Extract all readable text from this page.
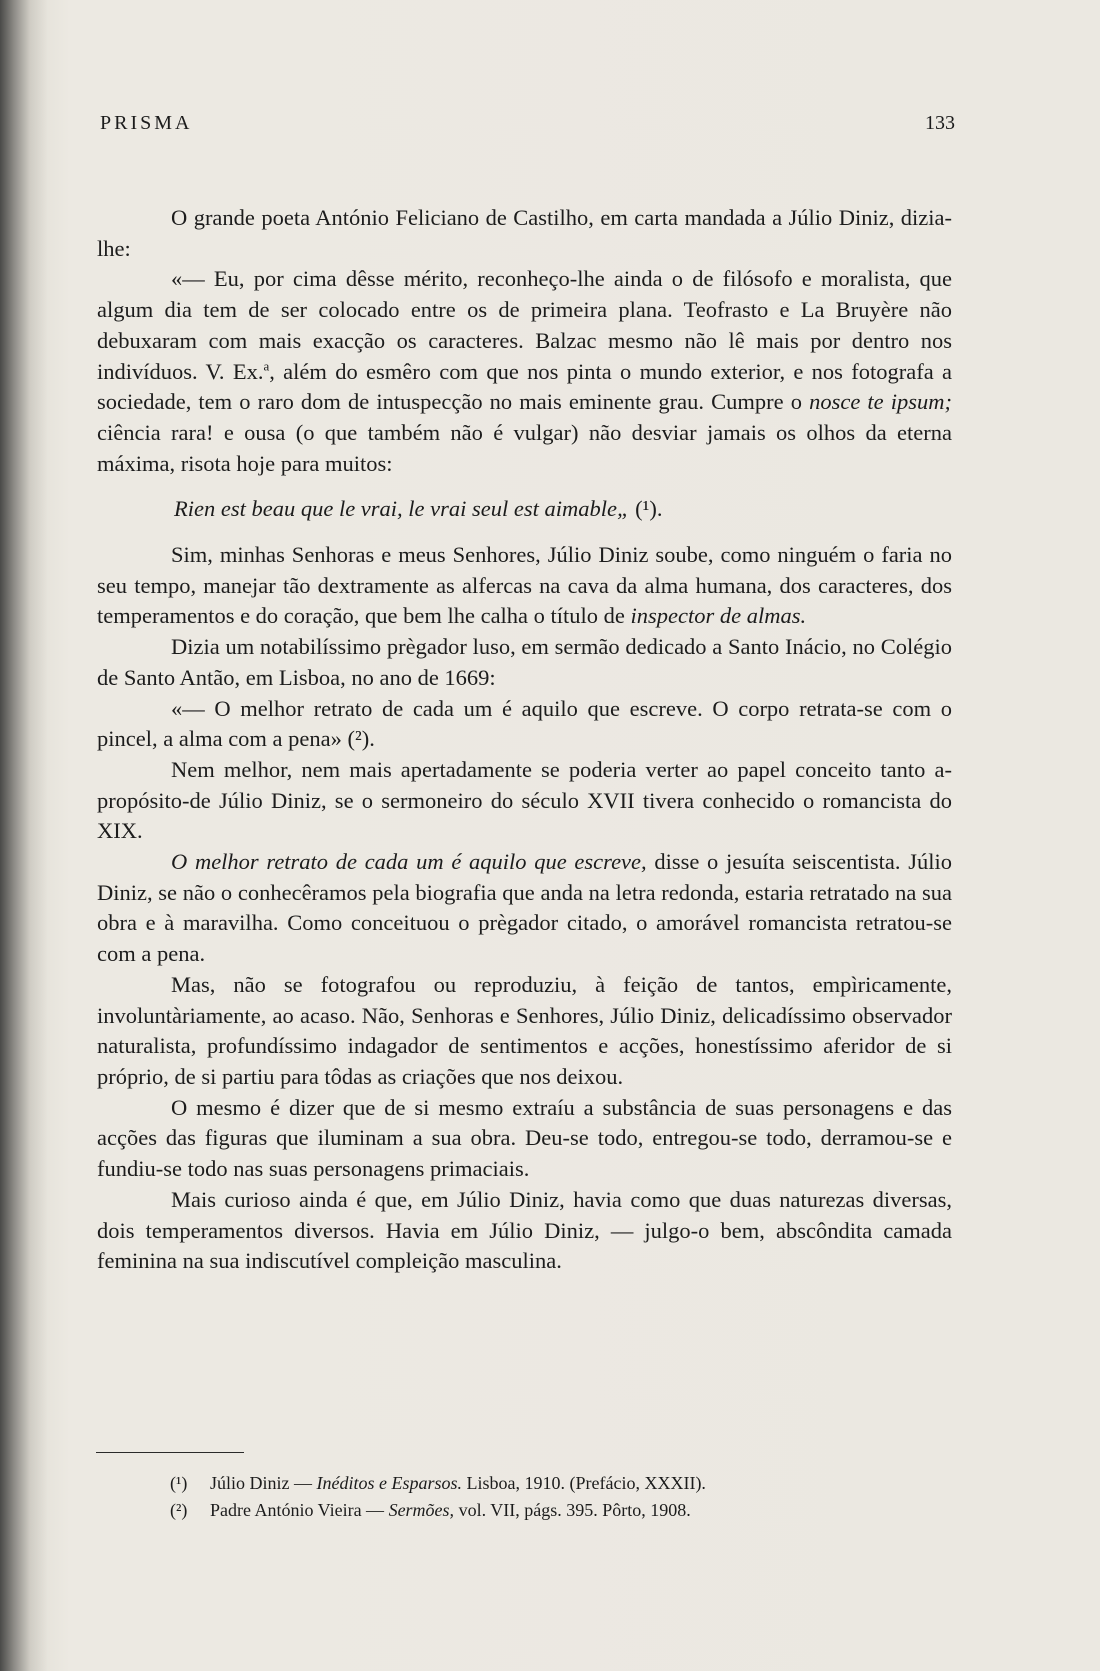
PRISMA	133

O grande poeta António Feliciano de Castilho, em carta mandada a Júlio Diniz, dizia-lhe:

«— Eu, por cima dêsse mérito, reconheço-lhe ainda o de filósofo e moralista, que algum dia tem de ser colocado entre os de primeira plana. Teofrasto e La Bruyère não debuxaram com mais exacção os caracteres. Balzac mesmo não lê mais por dentro nos indivíduos. V. Ex.$^a$, além do esmêro com que nos pinta o mundo exterior, e nos fotografa a sociedade, tem o raro dom de intuspecção no mais eminente grau. Cumpre o nosce te ipsum; ciência rara! e ousa (o que também não é vulgar) não desviar jamais os olhos da eterna máxima, risota hoje para muitos:

Rien est beau que le vrai, le vrai seul est aimable„ (¹).

Sim, minhas Senhoras e meus Senhores, Júlio Diniz soube, como ninguém o faria no seu tempo, manejar tão dextramente as alfercas na cava da alma humana, dos caracteres, dos temperamentos e do coração, que bem lhe calha o título de inspector de almas.

Dizia um notabilíssimo prègador luso, em sermão dedicado a Santo Inácio, no Colégio de Santo Antão, em Lisboa, no ano de 1669:

«— O melhor retrato de cada um é aquilo que escreve. O corpo retrata-se com o pincel, a alma com a pena» (²).

Nem melhor, nem mais apertadamente se poderia verter ao papel conceito tanto a-propósito-de Júlio Diniz, se o sermoneiro do século XVII tivera conhecido o romancista do XIX.

O melhor retrato de cada um é aquilo que escreve, disse o jesuíta seiscentista. Júlio Diniz, se não o conhecêramos pela biografia que anda na letra redonda, estaria retratado na sua obra e à maravilha. Como conceituou o prègador citado, o amorável romancista retratou-se com a pena.

Mas, não se fotografou ou reproduziu, à feição de tantos, empìricamente, involuntàriamente, ao acaso. Não, Senhoras e Senhores, Júlio Diniz, delicadíssimo observador naturalista, profundíssimo indagador de sentimentos e acções, honestíssimo aferidor de si próprio, de si partiu para tôdas as criações que nos deixou.

O mesmo é dizer que de si mesmo extraíu a substância de suas personagens e das acções das figuras que iluminam a sua obra. Deu-se todo, entregou-se todo, derramou-se e fundiu-se todo nas suas personagens primaciais.

Mais curioso ainda é que, em Júlio Diniz, havia como que duas naturezas diversas, dois temperamentos diversos. Havia em Júlio Diniz, — julgo-o bem, abscôndita camada feminina na sua indiscutível compleição masculina.

(¹)	Júlio Diniz — Inéditos e Esparsos. Lisboa, 1910. (Prefácio, XXXII).
(²)	Padre António Vieira — Sermões, vol. VII, págs. 395. Pôrto, 1908.
